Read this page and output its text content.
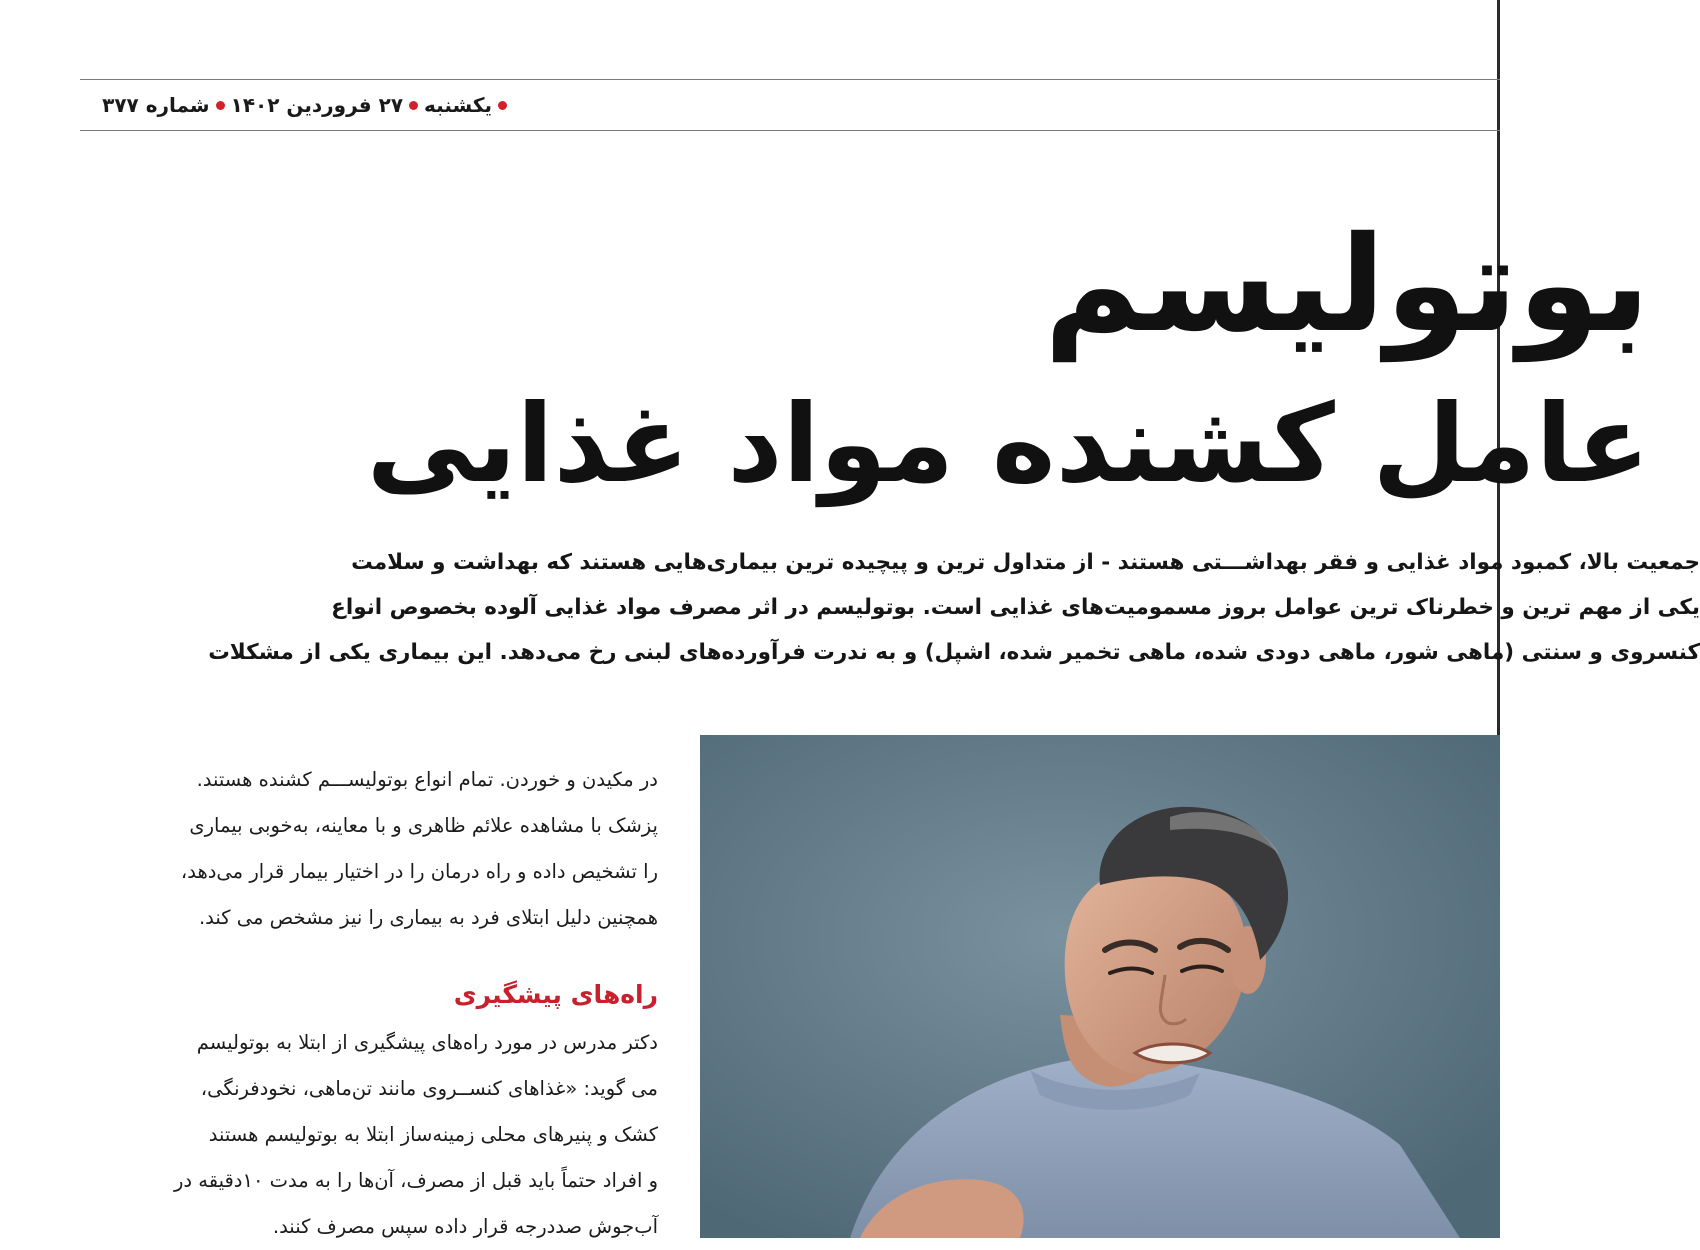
یکشنبه
۲۷ فروردین ۱۴۰۲
شماره ۳۷۷
بوتولیسم
عامل کشنده مواد غذایی
جمعیت بالا، کمبود مواد غذایی و فقر بهداشـــتی هستند - از متداول ترین و پیچیده ترین بیماری‌هایی هستند که بهداشت و سلامت
یکی از مهم ترین و خطرناک ترین عوامل بروز مسمومیت‌های غذایی است. بوتولیسم در اثر مصرف مواد غذایی آلوده بخصوص انواع
کنسروی و سنتی (ماهی شور، ماهی دودی شده، ماهی تخمیر شده، اشپل) و به ندرت فرآورده‌های لبنی رخ می‌دهد. این بیماری یکی از مشکلات
در مکیدن و خوردن. تمام انواع بوتولیســـم کشنده هستند.
پزشک با مشاهده علائم ظاهری و با معاینه، به‌خوبی بیماری
را تشخیص داده و راه درمان را در اختیار بیمار قرار می‌دهد،
همچنین دلیل ابتلای فرد به بیماری را نیز مشخص می کند.
راه‌های پیشگیری
دکتر مدرس در مورد راه‌های پیشگیری از ابتلا به بوتولیسم
می گوید: «غذاهای کنســروی مانند تن‌ماهی، نخودفرنگی،
کشک و پنیرهای محلی زمینه‌ساز ابتلا به بوتولیسم هستند
و افراد حتماً باید قبل از مصرف، آن‌ها را به مدت ۱۰دقیقه در
آب‌جوش صددرجه قرار داده سپس مصرف کنند.
